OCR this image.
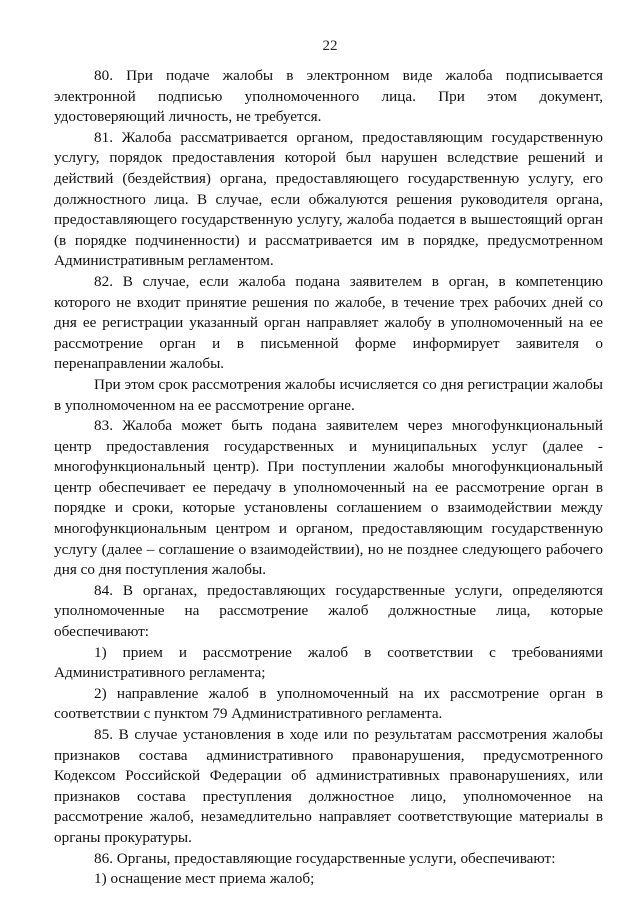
22

80. При подаче жалобы в электронном виде жалоба подписывается электронной подписью уполномоченного лица. При этом документ, удостоверяющий личность, не требуется.

81. Жалоба рассматривается органом, предоставляющим государственную услугу, порядок предоставления которой был нарушен вследствие решений и действий (бездействия) органа, предоставляющего государственную услугу, его должностного лица. В случае, если обжалуются решения руководителя органа, предоставляющего государственную услугу, жалоба подается в вышестоящий орган (в порядке подчиненности) и рассматривается им в порядке, предусмотренном Административным регламентом.

82. В случае, если жалоба подана заявителем в орган, в компетенцию которого не входит принятие решения по жалобе, в течение трех рабочих дней со дня ее регистрации указанный орган направляет жалобу в уполномоченный на ее рассмотрение орган и в письменной форме информирует заявителя о перенаправлении жалобы.

При этом срок рассмотрения жалобы исчисляется со дня регистрации жалобы в уполномоченном на ее рассмотрение органе.

83. Жалоба может быть подана заявителем через многофункциональный центр предоставления государственных и муниципальных услуг (далее - многофункциональный центр). При поступлении жалобы многофункциональный центр обеспечивает ее передачу в уполномоченный на ее рассмотрение орган в порядке и сроки, которые установлены соглашением о взаимодействии между многофункциональным центром и органом, предоставляющим государственную услугу (далее – соглашение о взаимодействии), но не позднее следующего рабочего дня со дня поступления жалобы.

84. В органах, предоставляющих государственные услуги, определяются уполномоченные на рассмотрение жалоб должностные лица, которые обеспечивают:

1) прием и рассмотрение жалоб в соответствии с требованиями Административного регламента;

2) направление жалоб в уполномоченный на их рассмотрение орган в соответствии с пунктом 79 Административного регламента.

85. В случае установления в ходе или по результатам рассмотрения жалобы признаков состава административного правонарушения, предусмотренного Кодексом Российской Федерации об административных правонарушениях, или признаков состава преступления должностное лицо, уполномоченное на рассмотрение жалоб, незамедлительно направляет соответствующие материалы в органы прокуратуры.

86. Органы, предоставляющие государственные услуги, обеспечивают:

1) оснащение мест приема жалоб;
